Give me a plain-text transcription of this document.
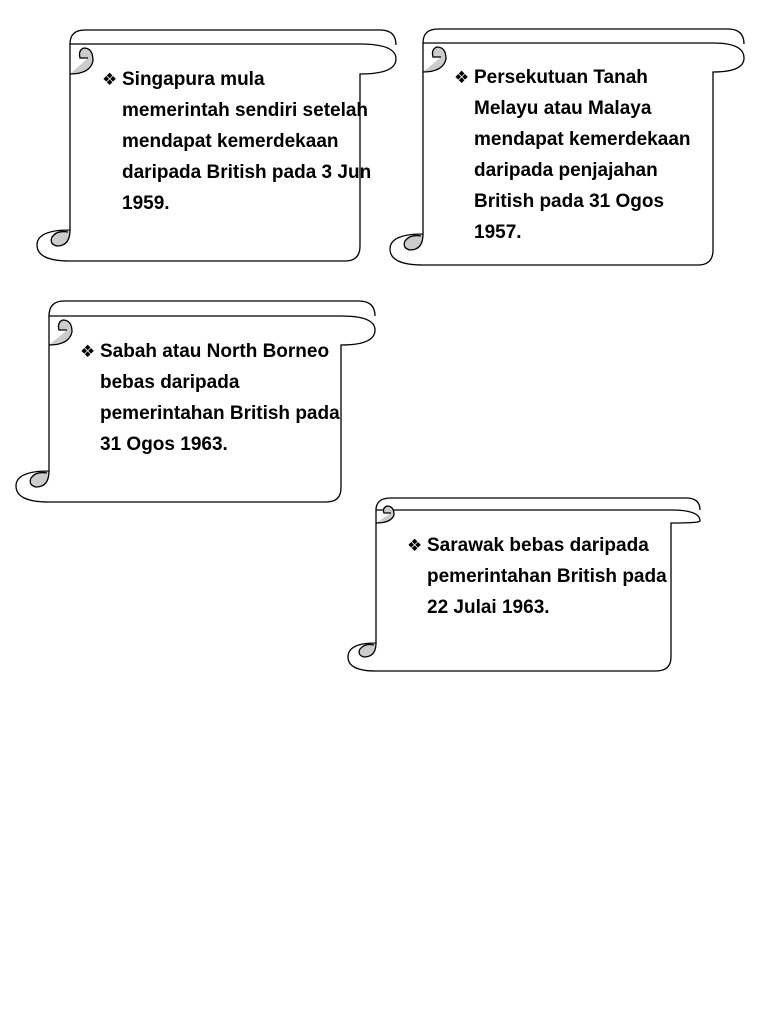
❖ Singapura mula memerintah sendiri setelah mendapat kemerdekaan daripada British pada 3 Jun 1959.
❖ Persekutuan Tanah Melayu atau Malaya mendapat kemerdekaan daripada penjajahan British pada 31 Ogos 1957.
❖ Sabah atau North Borneo bebas daripada pemerintahan British pada 31 Ogos 1963.
❖ Sarawak bebas daripada pemerintahan British pada 22 Julai 1963.
